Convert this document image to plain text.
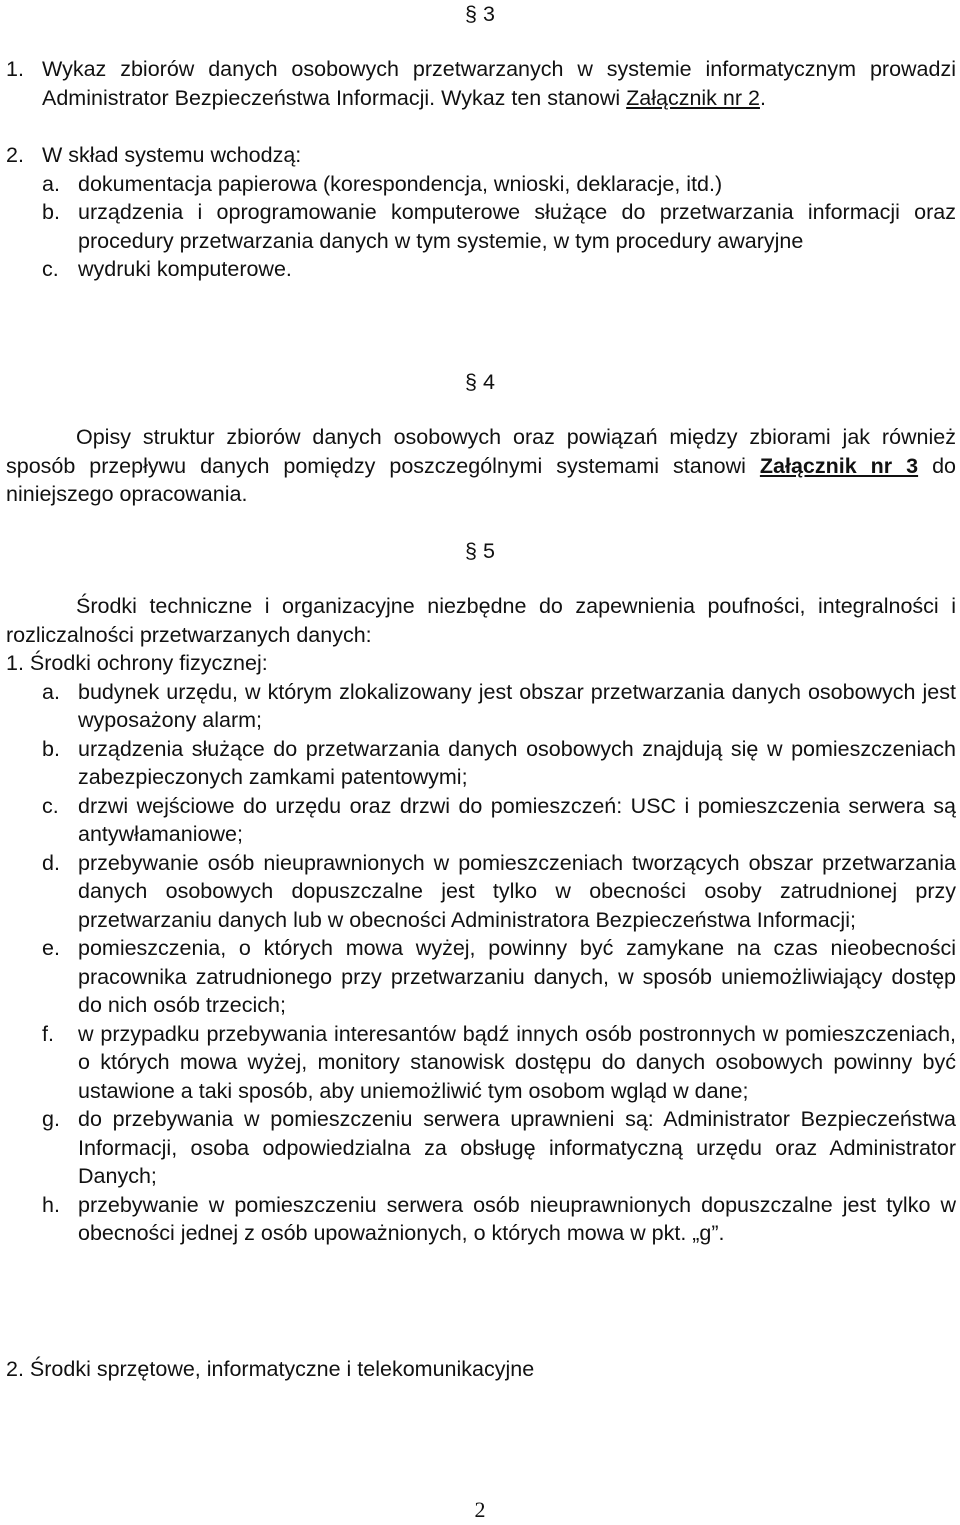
§ 3
1. Wykaz zbiorów danych osobowych przetwarzanych w systemie informatycznym prowadzi Administrator Bezpieczeństwa Informacji. Wykaz ten stanowi Załącznik nr 2.
2. W skład systemu wchodzą:
a. dokumentacja papierowa (korespondencja, wnioski, deklaracje, itd.)
b. urządzenia i oprogramowanie komputerowe służące do przetwarzania informacji oraz procedury przetwarzania danych w tym systemie, w tym procedury awaryjne
c. wydruki komputerowe.
§ 4
Opisy struktur zbiorów danych osobowych oraz powiązań między zbiorami jak również sposób przepływu danych pomiędzy poszczególnymi systemami stanowi Załącznik nr 3 do niniejszego opracowania.
§ 5
Środki techniczne i organizacyjne niezbędne do zapewnienia poufności, integralności i rozliczalności przetwarzanych danych:
1. Środki ochrony fizycznej:
a. budynek urzędu, w którym zlokalizowany jest obszar przetwarzania danych osobowych jest wyposażony alarm;
b. urządzenia służące do przetwarzania danych osobowych znajdują się w pomieszczeniach zabezpieczonych zamkami patentowymi;
c. drzwi wejściowe do urzędu oraz drzwi do pomieszczeń: USC i pomieszczenia serwera są antywłamaniowe;
d. przebywanie osób nieuprawnionych w pomieszczeniach tworzących obszar przetwarzania danych osobowych dopuszczalne jest tylko w obecności osoby zatrudnionej przy przetwarzaniu danych lub w obecności Administratora Bezpieczeństwa Informacji;
e. pomieszczenia, o których mowa wyżej, powinny być zamykane na czas nieobecności pracownika zatrudnionego przy przetwarzaniu danych, w sposób uniemożliwiający dostęp do nich osób trzecich;
f.	w przypadku przebywania interesantów bądź innych osób postronnych w pomieszczeniach, o których mowa wyżej, monitory stanowisk dostępu do danych osobowych powinny być ustawione a taki sposób, aby uniemożliwić tym osobom wgląd w dane;
g. do przebywania w pomieszczeniu serwera uprawnieni są: Administrator Bezpieczeństwa Informacji, osoba odpowiedzialna za obsługę informatyczną urzędu oraz Administrator Danych;
h. przebywanie w pomieszczeniu serwera osób nieuprawnionych dopuszczalne jest tylko w obecności jednej z osób upoważnionych, o których mowa w pkt. „g”.
2. Środki sprzętowe, informatyczne i telekomunikacyjne
2
